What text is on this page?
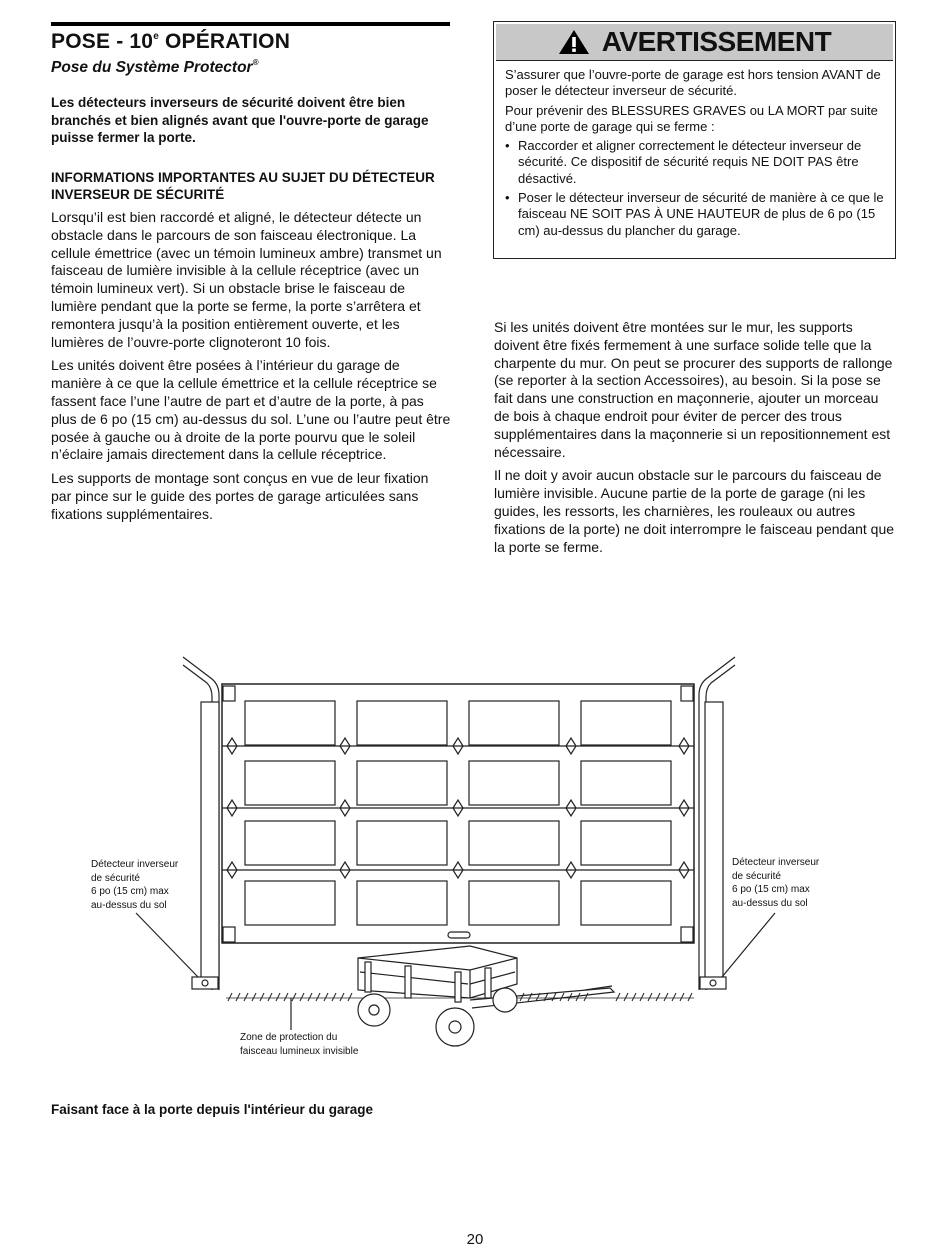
POSE - 10e OPÉRATION
Pose du Système Protector®
Les détecteurs inverseurs de sécurité doivent être bien branchés et bien alignés avant que l'ouvre-porte de garage puisse fermer la porte.
INFORMATIONS IMPORTANTES AU SUJET DU DÉTECTEUR INVERSEUR DE SÉCURITÉ

Lorsqu’il est bien raccordé et aligné, le détecteur détecte un obstacle dans le parcours de son faisceau électronique. La cellule émettrice (avec un témoin lumineux ambre) transmet un faisceau de lumière invisible à la cellule réceptrice (avec un témoin lumineux vert). Si un obstacle brise le faisceau de lumière pendant que la porte se ferme, la porte s’arrêtera et remontera jusqu’à la position entièrement ouverte, et les lumières de l’ouvre-porte clignoteront 10 fois.

Les unités doivent être posées à l’intérieur du garage de manière à ce que la cellule émettrice et la cellule réceptrice se fassent face l’une l’autre de part et d’autre de la porte, à pas plus de 6 po (15 cm) au-dessus du sol. L’une ou l’autre peut être posée à gauche ou à droite de la porte pourvu que le soleil n’éclaire jamais directement dans la cellule réceptrice.

Les supports de montage sont conçus en vue de leur fixation par pince sur le guide des portes de garage articulées sans fixations supplémentaires.

AVERTISSEMENT

S’assurer que l’ouvre-porte de garage est hors tension AVANT de poser le détecteur inverseur de sécurité.

Pour prévenir des BLESSURES GRAVES ou LA MORT par suite d’une porte de garage qui se ferme :

• Raccorder et aligner correctement le détecteur inverseur de sécurité. Ce dispositif de sécurité requis NE DOIT PAS être désactivé.
• Poser le détecteur inverseur de sécurité de manière à ce que le faisceau NE SOIT PAS À UNE HAUTEUR de plus de 6 po (15 cm) au-dessus du plancher du garage.

Si les unités doivent être montées sur le mur, les supports doivent être fixés fermement à une surface solide telle que la charpente du mur. On peut se procurer des supports de rallonge (se reporter à la section Accessoires), au besoin. Si la pose se fait dans une construction en maçonnerie, ajouter un morceau de bois à chaque endroit pour éviter de percer des trous supplémentaires dans la maçonnerie si un repositionnement est nécessaire.

Il ne doit y avoir aucun obstacle sur le parcours du faisceau de lumière invisible. Aucune partie de la porte de garage (ni les guides, les ressorts, les charnières, les rouleaux ou autres fixations de la porte) ne doit interrompre le faisceau pendant que la porte se ferme.

Détecteur inverseur
de sécurité
6 po (15 cm) max
au-dessus du sol
Détecteur inverseur
de sécurité
6 po (15 cm) max
au-dessus du sol
Zone de protection du
faisceau lumineux invisible
Faisant face à la porte depuis l'intérieur du garage
20
